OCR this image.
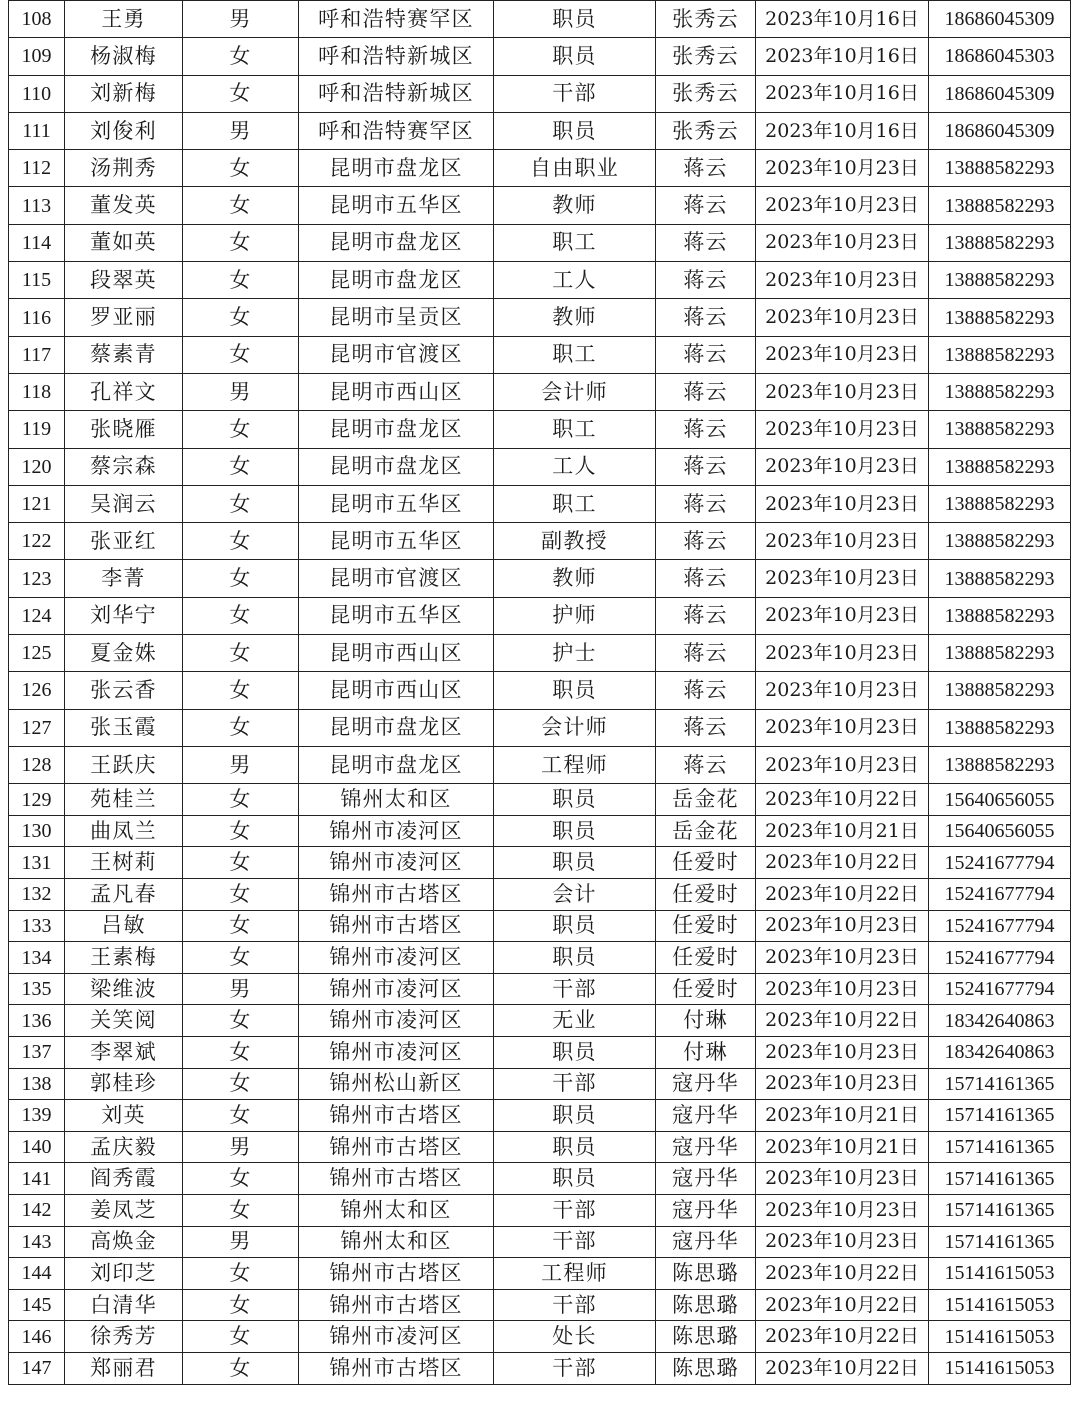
108	王勇	男	呼和浩特赛罕区	职员	张秀云	2023年10月16日	18686045309
109	杨淑梅	女	呼和浩特新城区	职员	张秀云	2023年10月16日	18686045303
110	刘新梅	女	呼和浩特新城区	干部	张秀云	2023年10月16日	18686045309
111	刘俊利	男	呼和浩特赛罕区	职员	张秀云	2023年10月16日	18686045309
112	汤荆秀	女	昆明市盘龙区	自由职业	蒋云	2023年10月23日	13888582293
113	董发英	女	昆明市五华区	教师	蒋云	2023年10月23日	13888582293
114	董如英	女	昆明市盘龙区	职工	蒋云	2023年10月23日	13888582293
115	段翠英	女	昆明市盘龙区	工人	蒋云	2023年10月23日	13888582293
116	罗亚丽	女	昆明市呈贡区	教师	蒋云	2023年10月23日	13888582293
117	蔡素青	女	昆明市官渡区	职工	蒋云	2023年10月23日	13888582293
118	孔祥文	男	昆明市西山区	会计师	蒋云	2023年10月23日	13888582293
119	张晓雁	女	昆明市盘龙区	职工	蒋云	2023年10月23日	13888582293
120	蔡宗森	女	昆明市盘龙区	工人	蒋云	2023年10月23日	13888582293
121	吴润云	女	昆明市五华区	职工	蒋云	2023年10月23日	13888582293
122	张亚红	女	昆明市五华区	副教授	蒋云	2023年10月23日	13888582293
123	李菁	女	昆明市官渡区	教师	蒋云	2023年10月23日	13888582293
124	刘华宁	女	昆明市五华区	护师	蒋云	2023年10月23日	13888582293
125	夏金姝	女	昆明市西山区	护士	蒋云	2023年10月23日	13888582293
126	张云香	女	昆明市西山区	职员	蒋云	2023年10月23日	13888582293
127	张玉霞	女	昆明市盘龙区	会计师	蒋云	2023年10月23日	13888582293
128	王跃庆	男	昆明市盘龙区	工程师	蒋云	2023年10月23日	13888582293
129	苑桂兰	女	锦州太和区	职员	岳金花	2023年10月22日	15640656055
130	曲凤兰	女	锦州市凌河区	职员	岳金花	2023年10月21日	15640656055
131	王树莉	女	锦州市凌河区	职员	任爱时	2023年10月22日	15241677794
132	孟凡春	女	锦州市古塔区	会计	任爱时	2023年10月22日	15241677794
133	吕敏	女	锦州市古塔区	职员	任爱时	2023年10月23日	15241677794
134	王素梅	女	锦州市凌河区	职员	任爱时	2023年10月23日	15241677794
135	梁维波	男	锦州市凌河区	干部	任爱时	2023年10月23日	15241677794
136	关笑阅	女	锦州市凌河区	无业	付琳	2023年10月22日	18342640863
137	李翠斌	女	锦州市凌河区	职员	付琳	2023年10月23日	18342640863
138	郭桂珍	女	锦州松山新区	干部	寇丹华	2023年10月23日	15714161365
139	刘英	女	锦州市古塔区	职员	寇丹华	2023年10月21日	15714161365
140	孟庆毅	男	锦州市古塔区	职员	寇丹华	2023年10月21日	15714161365
141	阎秀霞	女	锦州市古塔区	职员	寇丹华	2023年10月23日	15714161365
142	姜凤芝	女	锦州太和区	干部	寇丹华	2023年10月23日	15714161365
143	高焕金	男	锦州太和区	干部	寇丹华	2023年10月23日	15714161365
144	刘印芝	女	锦州市古塔区	工程师	陈思璐	2023年10月22日	15141615053
145	白清华	女	锦州市古塔区	干部	陈思璐	2023年10月22日	15141615053
146	徐秀芳	女	锦州市凌河区	处长	陈思璐	2023年10月22日	15141615053
147	郑丽君	女	锦州市古塔区	干部	陈思璐	2023年10月22日	15141615053
